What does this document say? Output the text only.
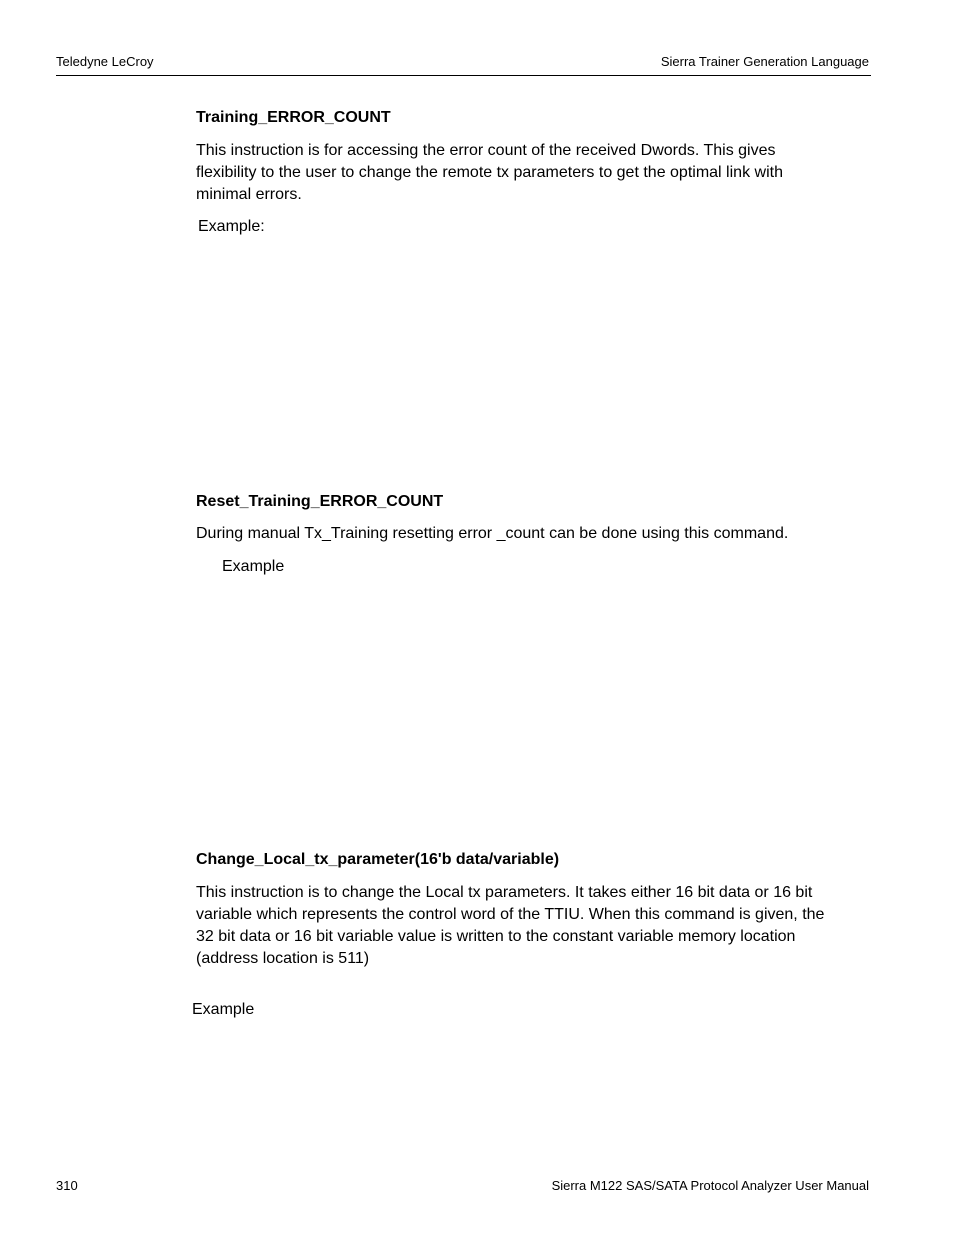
Teledyne LeCroy	Sierra Trainer Generation Language
Training_ERROR_COUNT
This instruction is for accessing the error count of the received Dwords. This gives
flexibility to the user to change the remote tx parameters to get the optimal link with
minimal errors.
Example:
Reset_Training_ERROR_COUNT
During manual Tx_Training resetting error _count can be done using this command.
Example
Change_Local_tx_parameter(16'b data/variable)
This instruction is to change the Local tx parameters. It takes either 16 bit data or 16 bit
variable which represents the control word of the TTIU. When this command is given, the
32 bit data or 16 bit variable value is written to the constant variable memory location
(address location is 511)
Example
310	Sierra M122 SAS/SATA Protocol Analyzer User Manual
